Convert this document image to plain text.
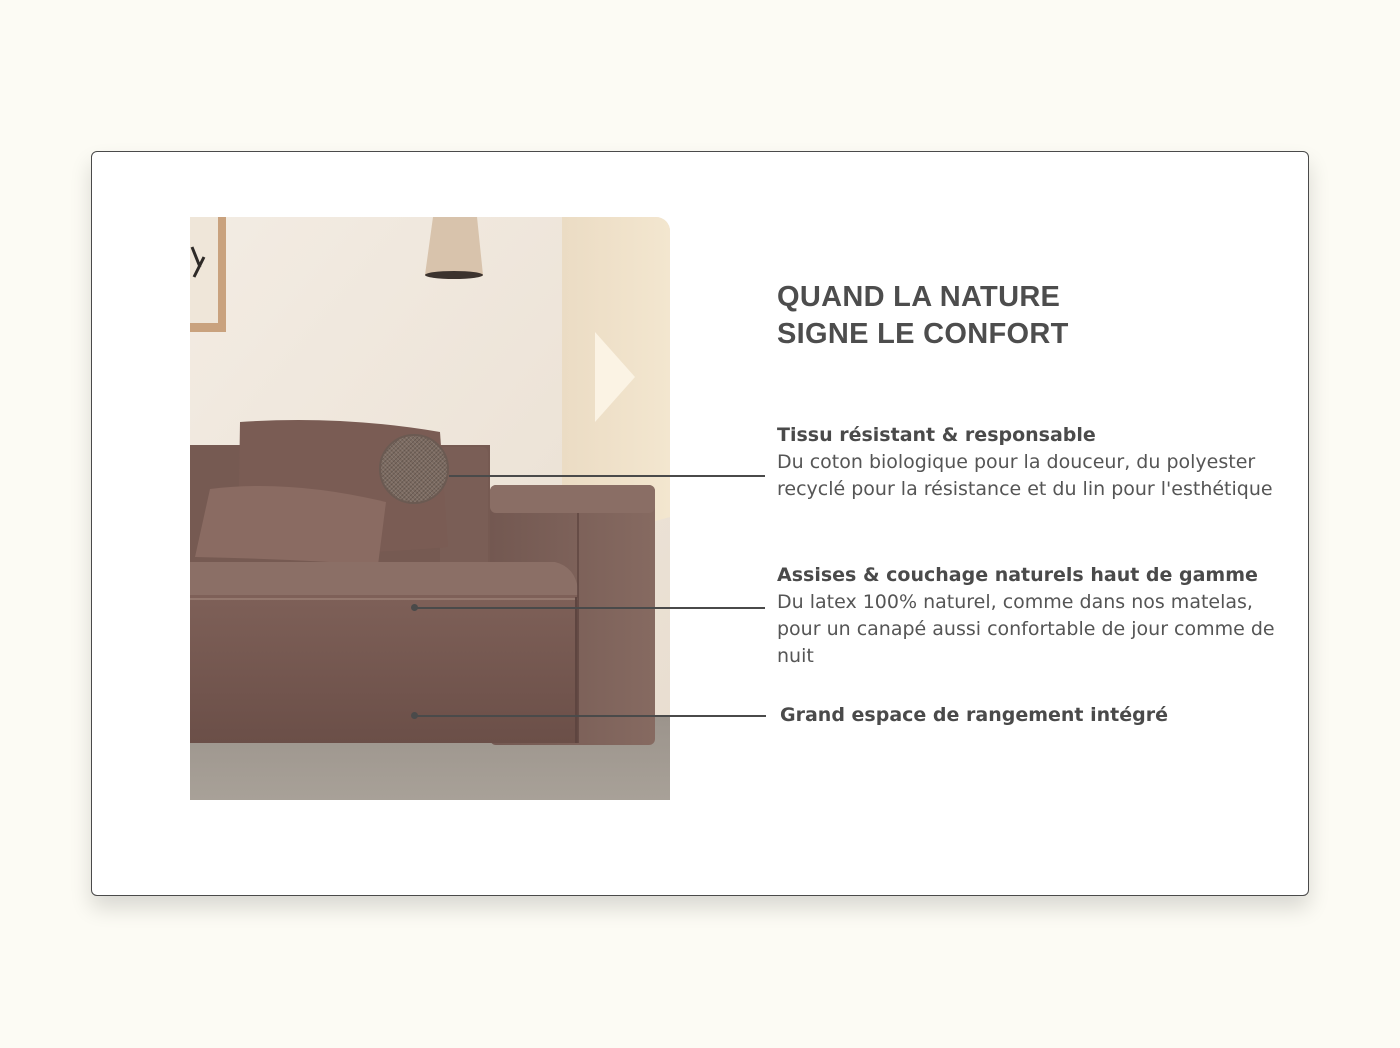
QUAND LA NATURE
SIGNE LE CONFORT
Tissu résistant & responsable
Du coton biologique pour la douceur, du polyester recyclé pour la résistance et du lin pour l'esthétique
Assises & couchage naturels haut de gamme
Du latex 100% naturel, comme dans nos matelas, pour un canapé aussi confortable de jour comme de nuit
Grand espace de rangement intégré
